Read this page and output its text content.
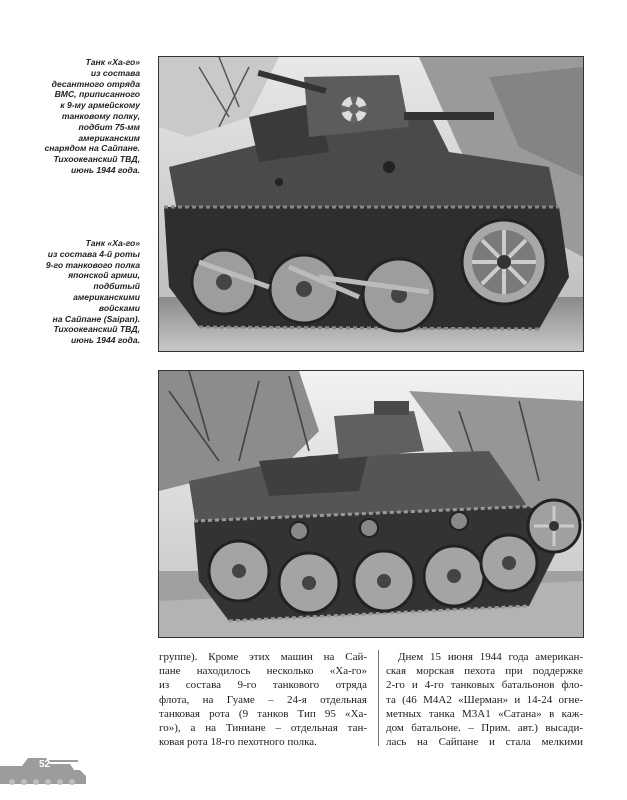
Танк «Ха-го»
из состава
десантного отряда
ВМС, приписанного
к 9-му армейскому
танковому полку,
подбит 75-мм
американским
снарядом на Сайпане.
Тихоокеанский ТВД,
июнь 1944 года.
Танк «Ха-го»
из состава 4-й роты
9-го танкового полка
японской армии,
подбитый
американскими
войсками
на Сайпане (Saipan).
Тихоокеанский ТВД,
июнь 1944 года.
группе). Кроме этих машин на Сай-
пане находилось несколько «Ха-го»
из состава 9-го танкового отряда
флота, на Гуаме – 24-я отдельная
танковая рота (9 танков Тип 95 «Ха-
го»), а на Тиниане – отдельная тан-
ковая рота 18-го пехотного полка.
Днем 15 июня 1944 года американ-
ская морская пехота при поддержке
2-го и 4-го танковых батальонов фло-
та (46 М4А2 «Шерман» и 14-24 огне-
метных танка М3А1 «Сатана» в каж-
дом батальоне. – Прим. авт.) высади-
лась на Сайпане и стала мелкими
52
